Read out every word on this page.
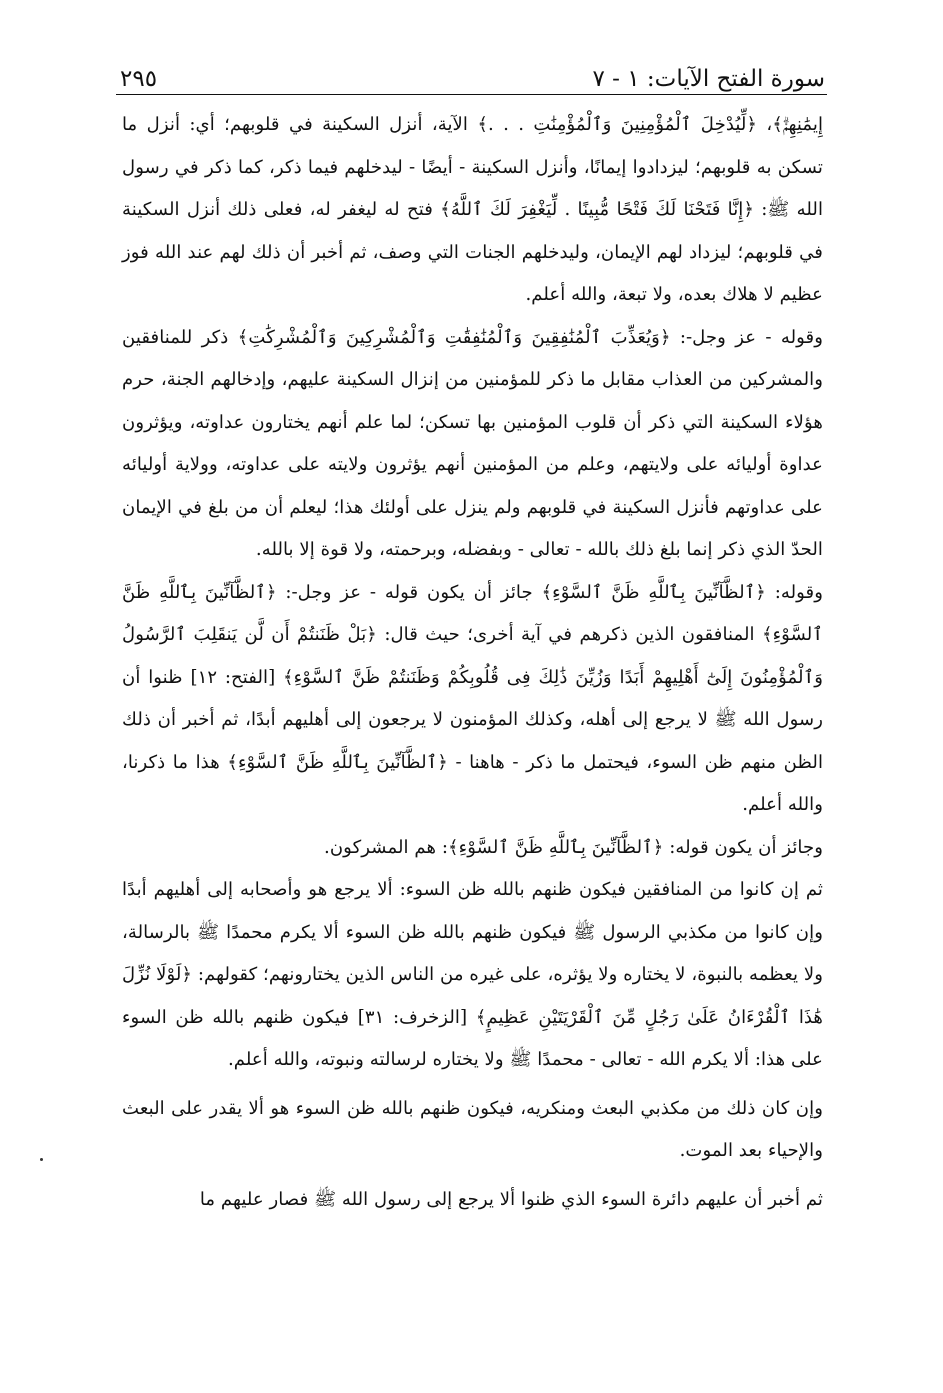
سورة الفتح الآيات: ١ - ٧
٢٩٥

إِيمَٰنِهِمْۗ﴾، ﴿لِّيُدْخِلَ ٱلْمُؤْمِنِينَ وَٱلْمُؤْمِنَٰتِ . . .﴾ الآية، أنزل السكينة في قلوبهم؛ أي: أنزل ما تسكن به قلوبهم؛ ليزدادوا إيمانًا، وأنزل السكينة - أيضًا - ليدخلهم فيما ذكر، كما ذكر في رسول الله ﷺ: ﴿إِنَّا فَتَحْنَا لَكَ فَتْحًا مُّبِينًا . لِّيَغْفِرَ لَكَ ٱللَّهُ﴾ فتح له ليغفر له، فعلى ذلك أنزل السكينة في قلوبهم؛ ليزداد لهم الإيمان، وليدخلهم الجنات التي وصف، ثم أخبر أن ذلك لهم عند الله فوز عظيم لا هلاك بعده، ولا تبعة، والله أعلم.

وقوله - عز وجل-: ﴿وَيُعَذِّبَ ٱلْمُنَٰفِقِينَ وَٱلْمُنَٰفِقَٰتِ وَٱلْمُشْرِكِينَ وَٱلْمُشْرِكَٰتِ﴾ ذكر للمنافقين والمشركين من العذاب مقابل ما ذكر للمؤمنين من إنزال السكينة عليهم، وإدخالهم الجنة، حرم هؤلاء السكينة التي ذكر أن قلوب المؤمنين بها تسكن؛ لما علم أنهم يختارون عداوته، ويؤثرون عداوة أوليائه على ولايتهم، وعلم من المؤمنين أنهم يؤثرون ولايته على عداوته، وولاية أوليائه على عداوتهم فأنزل السكينة في قلوبهم ولم ينزل على أولئك هذا؛ ليعلم أن من بلغ في الإيمان الحدّ الذي ذكر إنما بلغ ذلك بالله - تعالى - وبفضله، وبرحمته، ولا قوة إلا بالله.

وقوله: ﴿ٱلظَّآنِّينَ بِٱللَّهِ ظَنَّ ٱلسَّوْءِ﴾ جائز أن يكون قوله - عز وجل-: ﴿ٱلظَّآنِّينَ بِٱللَّهِ ظَنَّ ٱلسَّوْءِ﴾ المنافقون الذين ذكرهم في آية أخرى؛ حيث قال: ﴿بَلْ ظَنَنتُمْ أَن لَّن يَنقَلِبَ ٱلرَّسُولُ وَٱلْمُؤْمِنُونَ إِلَىٰٓ أَهْلِيهِمْ أَبَدًا وَزُيِّنَ ذَٰلِكَ فِى قُلُوبِكُمْ وَظَنَنتُمْ ظَنَّ ٱلسَّوْءِ﴾ [الفتح: ١٢] ظنوا أن رسول الله ﷺ لا يرجع إلى أهله، وكذلك المؤمنون لا يرجعون إلى أهليهم أبدًا، ثم أخبر أن ذلك الظن منهم ظن السوء، فيحتمل ما ذكر - هاهنا - ﴿ٱلظَّآنِّينَ بِٱللَّهِ ظَنَّ ٱلسَّوْءِ﴾ هذا ما ذكرنا، والله أعلم.

وجائز أن يكون قوله: ﴿ٱلظَّآنِّينَ بِٱللَّهِ ظَنَّ ٱلسَّوْءِ﴾: هم المشركون.

ثم إن كانوا من المنافقين فيكون ظنهم بالله ظن السوء: ألا يرجع هو وأصحابه إلى أهليهم أبدًا وإن كانوا من مكذبي الرسول ﷺ فيكون ظنهم بالله ظن السوء ألا يكرم محمدًا ﷺ بالرسالة، ولا يعظمه بالنبوة، لا يختاره ولا يؤثره، على غيره من الناس الذين يختارونهم؛ كقولهم: ﴿لَوْلَا نُزِّلَ هَٰذَا ٱلْقُرْءَانُ عَلَىٰ رَجُلٍ مِّنَ ٱلْقَرْيَتَيْنِ عَظِيمٍ﴾ [الزخرف: ٣١] فيكون ظنهم بالله ظن السوء على هذا: ألا يكرم الله - تعالى - محمدًا ﷺ ولا يختاره لرسالته ونبوته، والله أعلم.

وإن كان ذلك من مكذبي البعث ومنكريه، فيكون ظنهم بالله ظن السوء هو ألا يقدر على البعث والإحياء بعد الموت.

ثم أخبر أن عليهم دائرة السوء الذي ظنوا ألا يرجع إلى رسول الله ﷺ فصار عليهم ما
